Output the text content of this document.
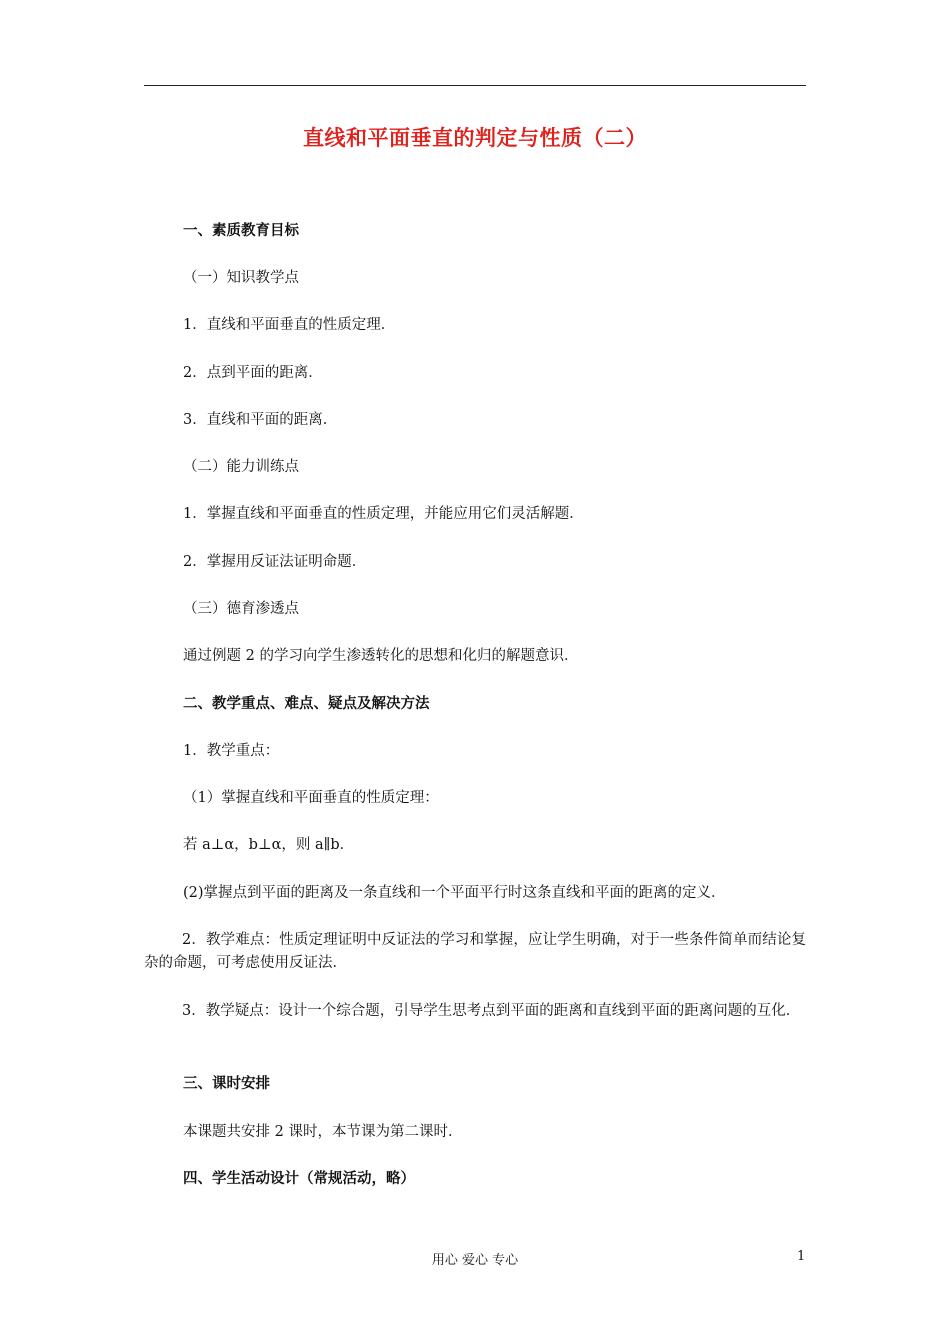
直线和平面垂直的判定与性质（二）
一、素质教育目标
（一）知识教学点
1．直线和平面垂直的性质定理．
2．点到平面的距离．
3．直线和平面的距离．
（二）能力训练点
1．掌握直线和平面垂直的性质定理，并能应用它们灵活解题．
2．掌握用反证法证明命题．
（三）德育渗透点
通过例题 2 的学习向学生渗透转化的思想和化归的解题意识．
二、教学重点、难点、疑点及解决方法
1．教学重点：
（1）掌握直线和平面垂直的性质定理：
若 a⊥α，b⊥α，则 a∥b．
(2)掌握点到平面的距离及一条直线和一个平面平行时这条直线和平面的距离的定义．
2．教学难点：性质定理证明中反证法的学习和掌握，应让学生明确，对于一些条件简单而结论复杂的命题，可考虑使用反证法．
3．教学疑点：设计一个综合题，引导学生思考点到平面的距离和直线到平面的距离问题的互化．
三、课时安排
本课题共安排 2 课时，本节课为第二课时．
四、学生活动设计（常规活动，略）
用心 爱心 专心	1
